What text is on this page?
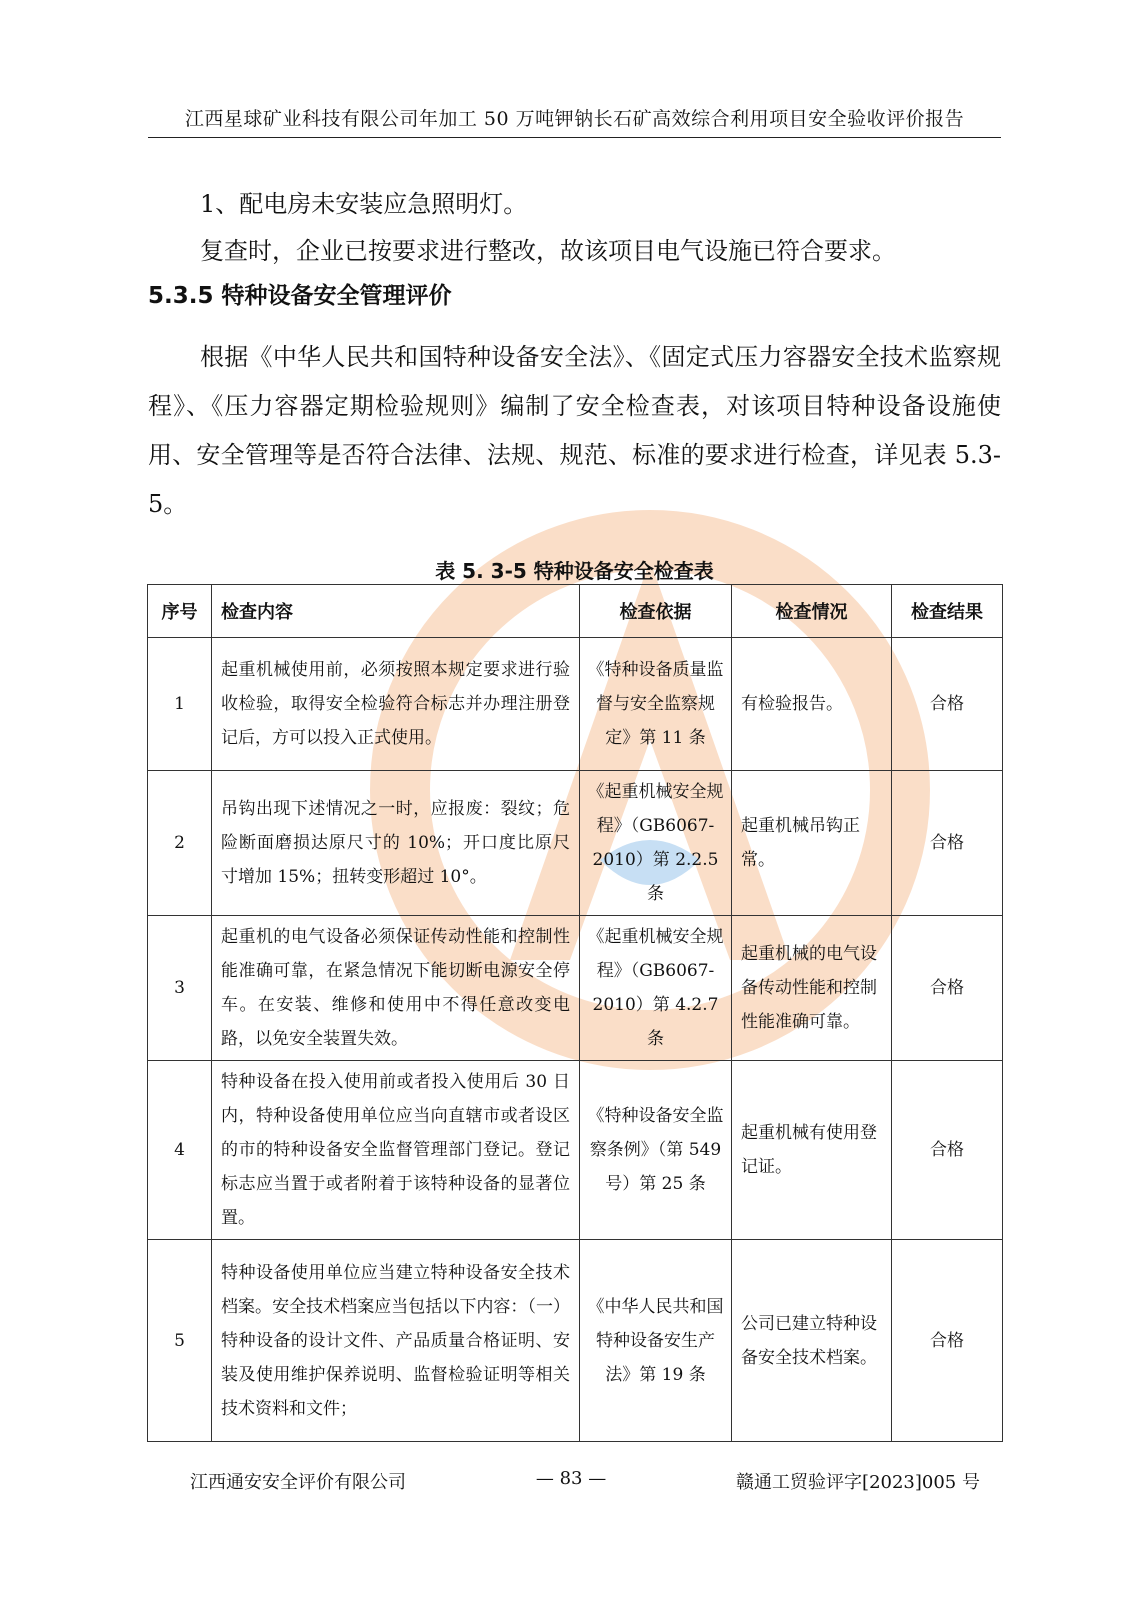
江西星球矿业科技有限公司年加工 50 万吨钾钠长石矿高效综合利用项目安全验收评价报告

1、配电房未安装应急照明灯。

复查时，企业已按要求进行整改，故该项目电气设施已符合要求。

5.3.5 特种设备安全管理评价

根据《中华人民共和国特种设备安全法》、《固定式压力容器安全技术监察规程》、《压力容器定期检验规则》编制了安全检查表，对该项目特种设备设施使用、安全管理等是否符合法律、法规、规范、标准的要求进行检查，详见表 5.3-5。

表 5. 3-5 特种设备安全检查表
序号	检查内容	检查依据	检查情况	检查结果
1	起重机械使用前，必须按照本规定要求进行验收检验，取得安全检验符合标志并办理注册登记后，方可以投入正式使用。	《特种设备质量监督与安全监察规定》第 11 条	有检验报告。	合格
2	吊钩出现下述情况之一时，应报废：裂纹；危险断面磨损达原尺寸的 10%；开口度比原尺寸增加 15%；扭转变形超过 10°。	《起重机械安全规程》（GB6067-2010）第 2.2.5 条	起重机械吊钩正常。	合格
3	起重机的电气设备必须保证传动性能和控制性能准确可靠，在紧急情况下能切断电源安全停车。在安装、维修和使用中不得任意改变电路，以免安全装置失效。	《起重机械安全规程》（GB6067-2010）第 4.2.7 条	起重机械的电气设备传动性能和控制性能准确可靠。	合格
4	特种设备在投入使用前或者投入使用后 30 日内，特种设备使用单位应当向直辖市或者设区的市的特种设备安全监督管理部门登记。登记标志应当置于或者附着于该特种设备的显著位置。	《特种设备安全监察条例》（第 549 号）第 25 条	起重机械有使用登记证。	合格
5	特种设备使用单位应当建立特种设备安全技术档案。安全技术档案应当包括以下内容：（一）特种设备的设计文件、产品质量合格证明、安装及使用维护保养说明、监督检验证明等相关技术资料和文件；	《中华人民共和国特种设备安生产法》第 19 条	公司已建立特种设备安全技术档案。	合格
江西通安安全评价有限公司	— 83 —	赣通工贸验评字[2023]005 号
